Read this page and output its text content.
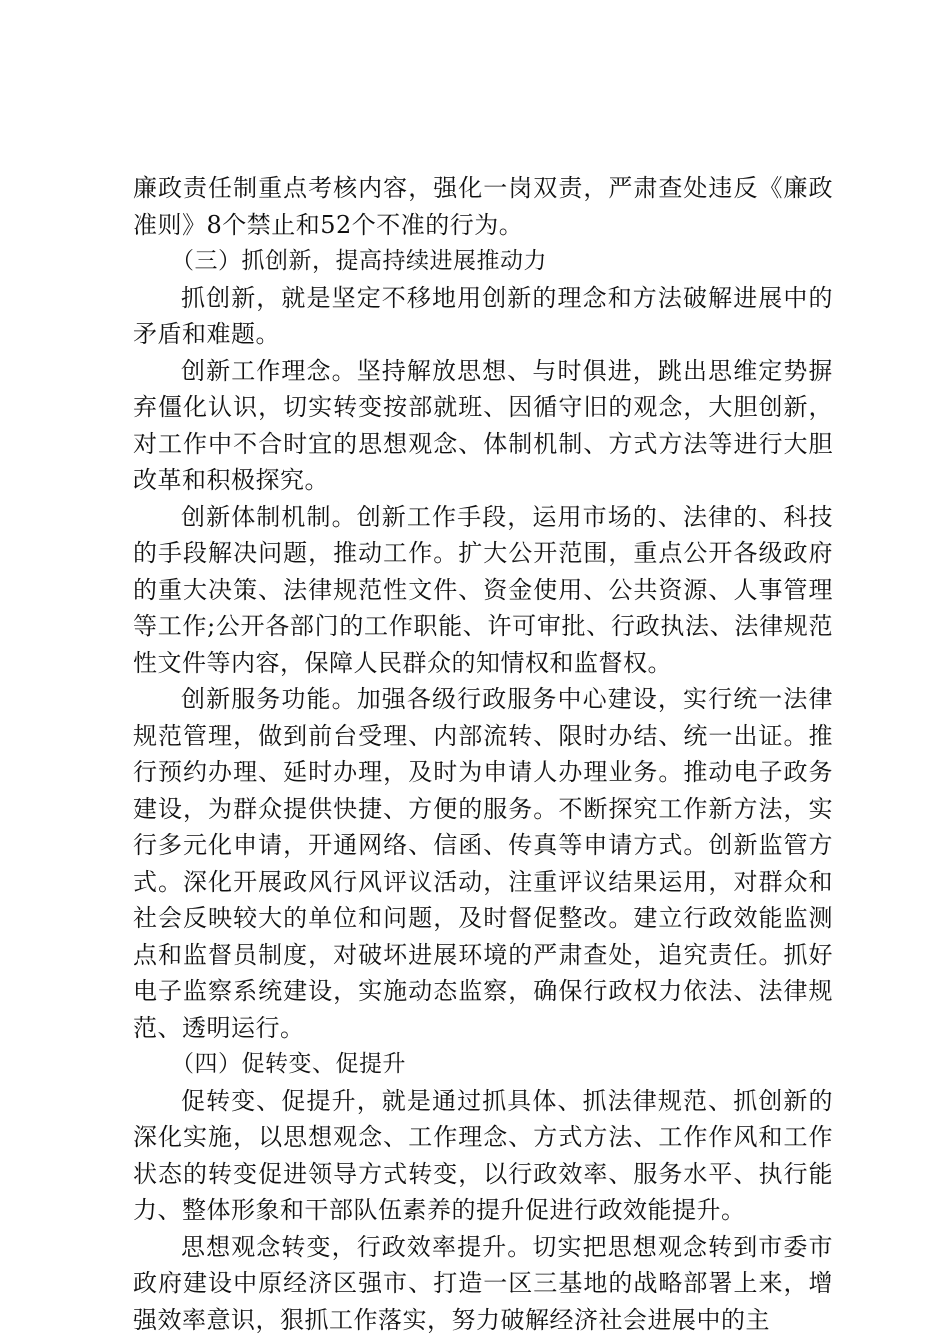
廉政责任制重点考核内容，强化一岗双责，严肃查处违反《廉政准则》8个禁止和52个不准的行为。

（三）抓创新，提高持续进展推动力

抓创新，就是坚定不移地用创新的理念和方法破解进展中的矛盾和难题。

创新工作理念。坚持解放思想、与时俱进，跳出思维定势摒弃僵化认识，切实转变按部就班、因循守旧的观念，大胆创新，对工作中不合时宜的思想观念、体制机制、方式方法等进行大胆改革和积极探究。

创新体制机制。创新工作手段，运用市场的、法律的、科技的手段解决问题，推动工作。扩大公开范围，重点公开各级政府的重大决策、法律规范性文件、资金使用、公共资源、人事管理等工作;公开各部门的工作职能、许可审批、行政执法、法律规范性文件等内容，保障人民群众的知情权和监督权。

创新服务功能。加强各级行政服务中心建设，实行统一法律规范管理，做到前台受理、内部流转、限时办结、统一出证。推行预约办理、延时办理，及时为申请人办理业务。推动电子政务建设，为群众提供快捷、方便的服务。不断探究工作新方法，实行多元化申请，开通网络、信函、传真等申请方式。创新监管方式。深化开展政风行风评议活动，注重评议结果运用，对群众和社会反映较大的单位和问题，及时督促整改。建立行政效能监测点和监督员制度，对破坏进展环境的严肃查处，追究责任。抓好电子监察系统建设，实施动态监察，确保行政权力依法、法律规范、透明运行。

（四）促转变、促提升

促转变、促提升，就是通过抓具体、抓法律规范、抓创新的深化实施，以思想观念、工作理念、方式方法、工作作风和工作状态的转变促进领导方式转变，以行政效率、服务水平、执行能力、整体形象和干部队伍素养的提升促进行政效能提升。

思想观念转变，行政效率提升。切实把思想观念转到市委市政府建设中原经济区强市、打造一区三基地的战略部署上来，增强效率意识，狠抓工作落实，努力破解经济社会进展中的主
